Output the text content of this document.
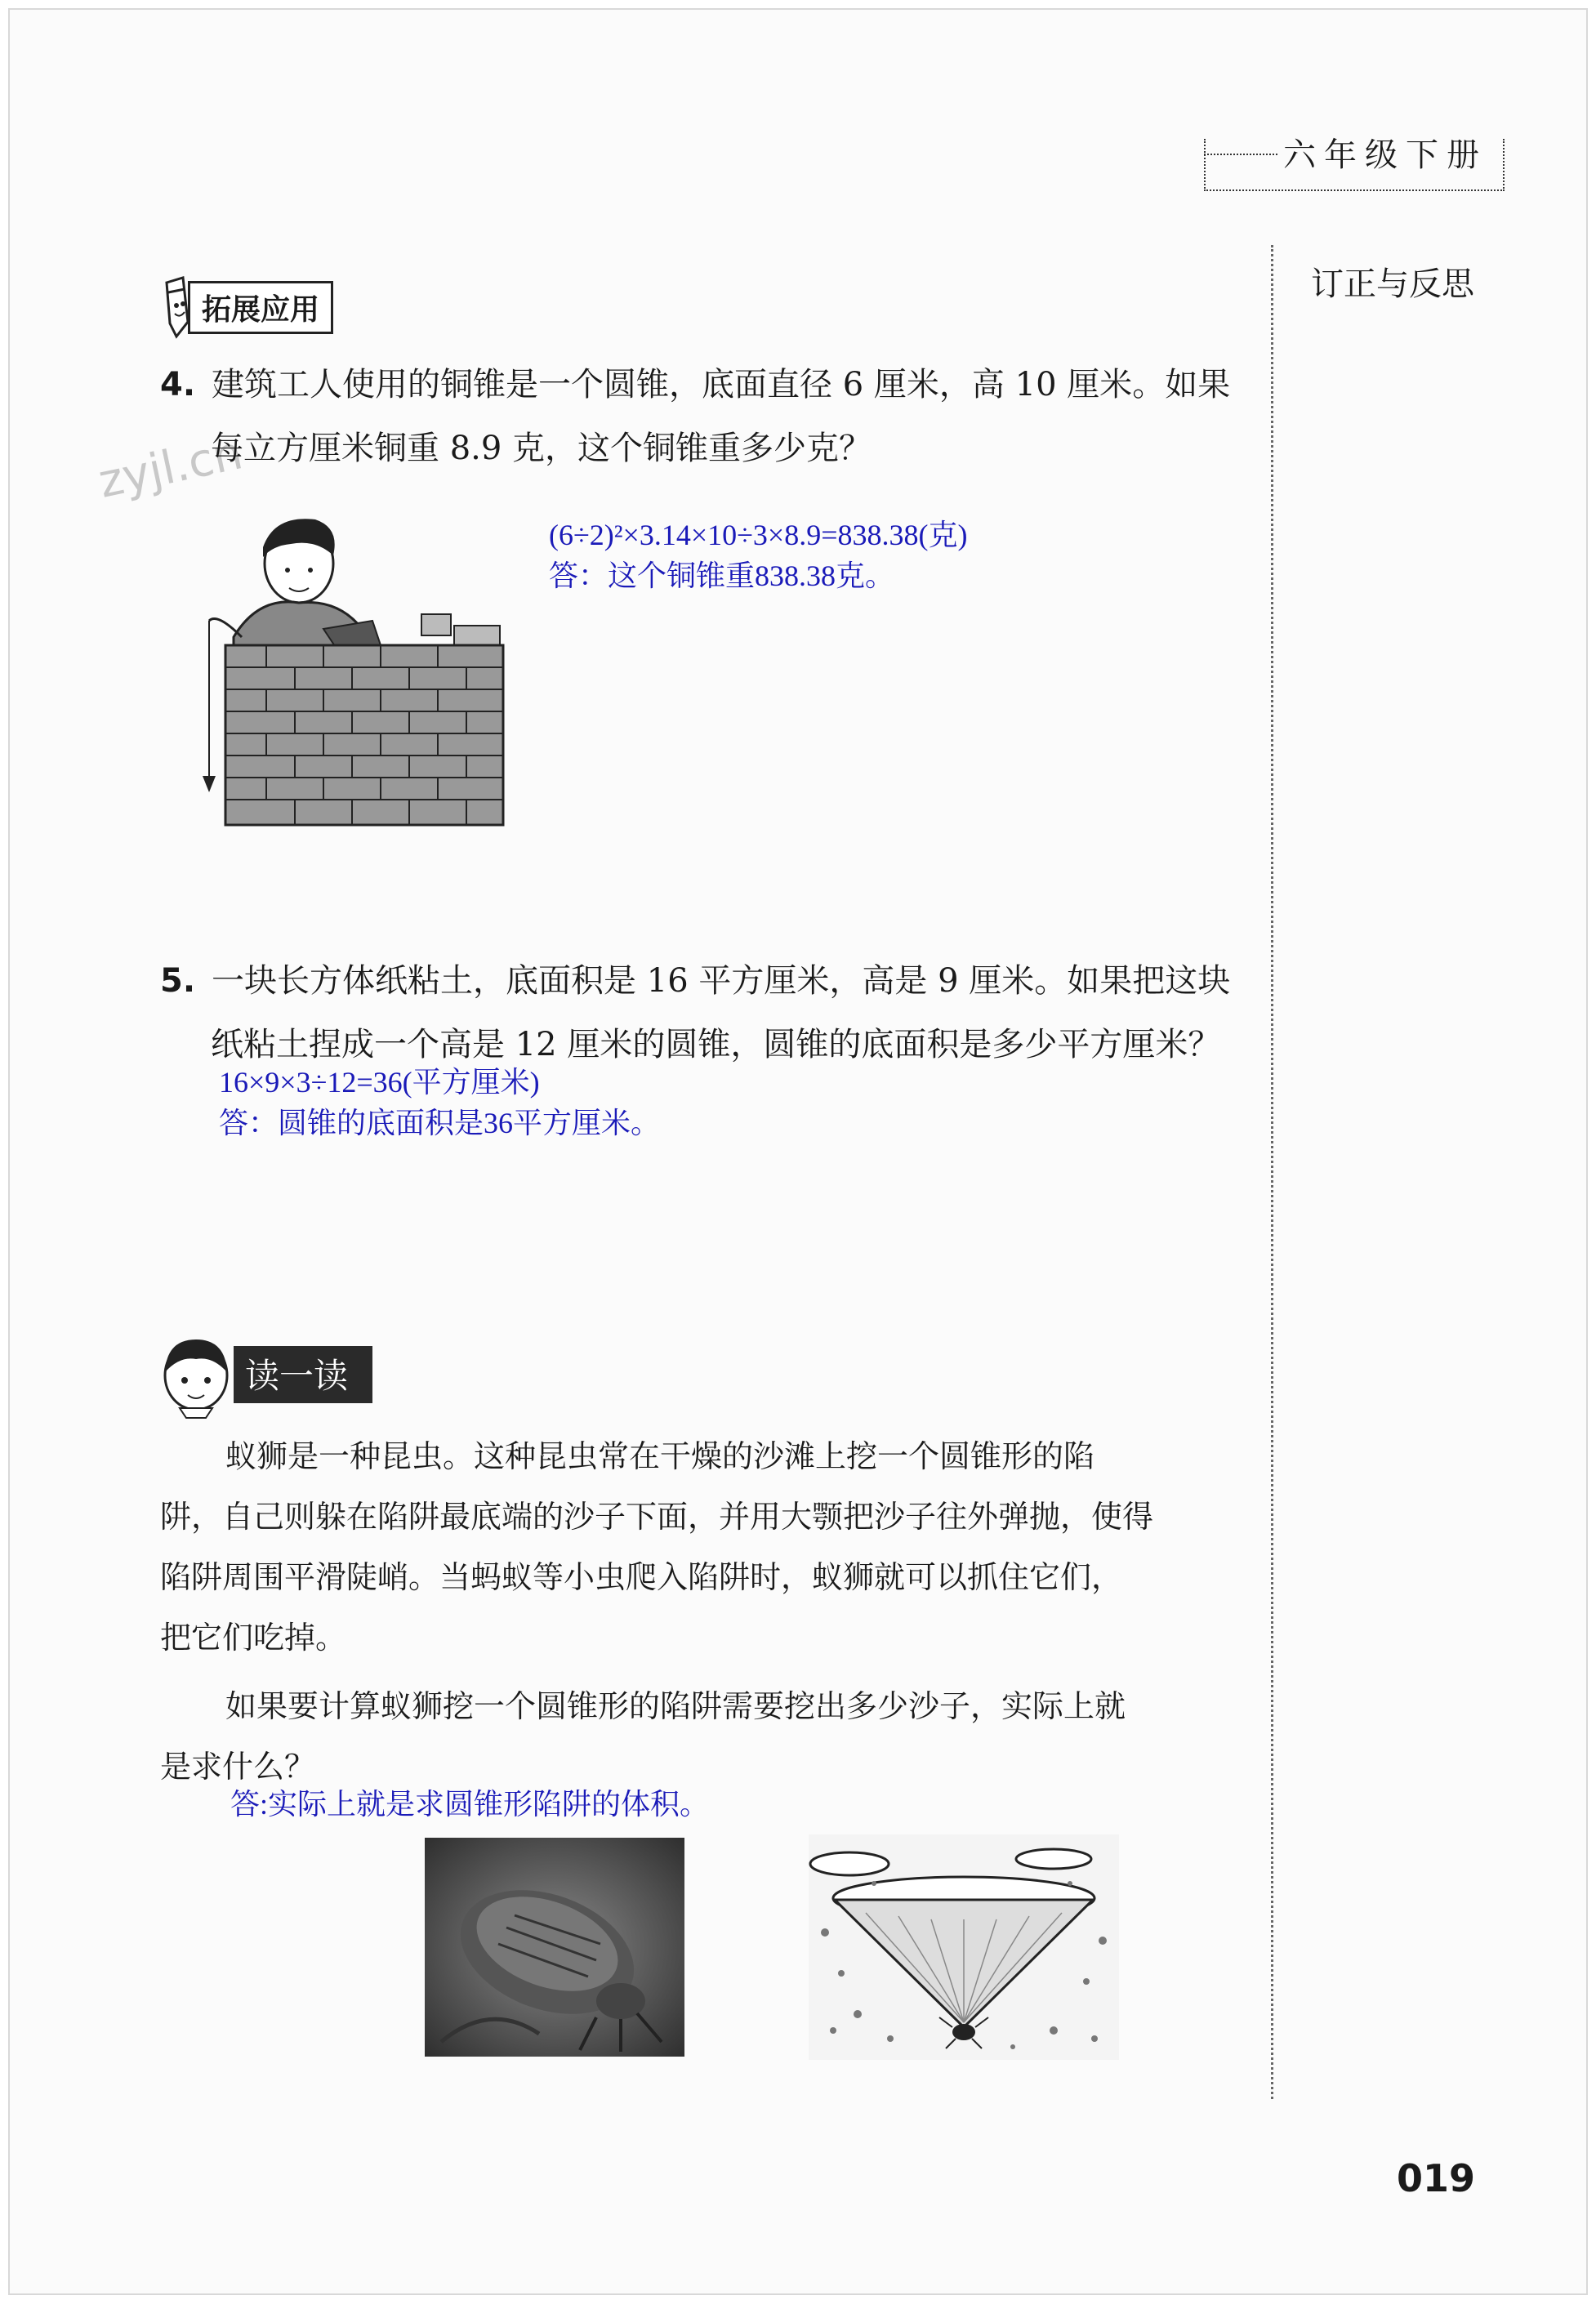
六年级下册
订正与反思
zyjl.cn
拓展应用
4. 建筑工人使用的铜锥是一个圆锥，底面直径 6 厘米，高 10 厘米。如果
每立方厘米铜重 8.9 克，这个铜锥重多少克？
(6÷2)²×3.14×10÷3×8.9=838.38(克)
答：这个铜锥重838.38克。
5. 一块长方体纸粘土，底面积是 16 平方厘米，高是 9 厘米。如果把这块
纸粘土捏成一个高是 12 厘米的圆锥，圆锥的底面积是多少平方厘米？
16×9×3÷12=36(平方厘米)
答：圆锥的底面积是36平方厘米。
读一读
蚁狮是一种昆虫。这种昆虫常在干燥的沙滩上挖一个圆锥形的陷
阱，自己则躲在陷阱最底端的沙子下面，并用大颚把沙子往外弹抛，使得
陷阱周围平滑陡峭。当蚂蚁等小虫爬入陷阱时，蚁狮就可以抓住它们，
把它们吃掉。
如果要计算蚁狮挖一个圆锥形的陷阱需要挖出多少沙子，实际上就
是求什么？
答:实际上就是求圆锥形陷阱的体积。
019
